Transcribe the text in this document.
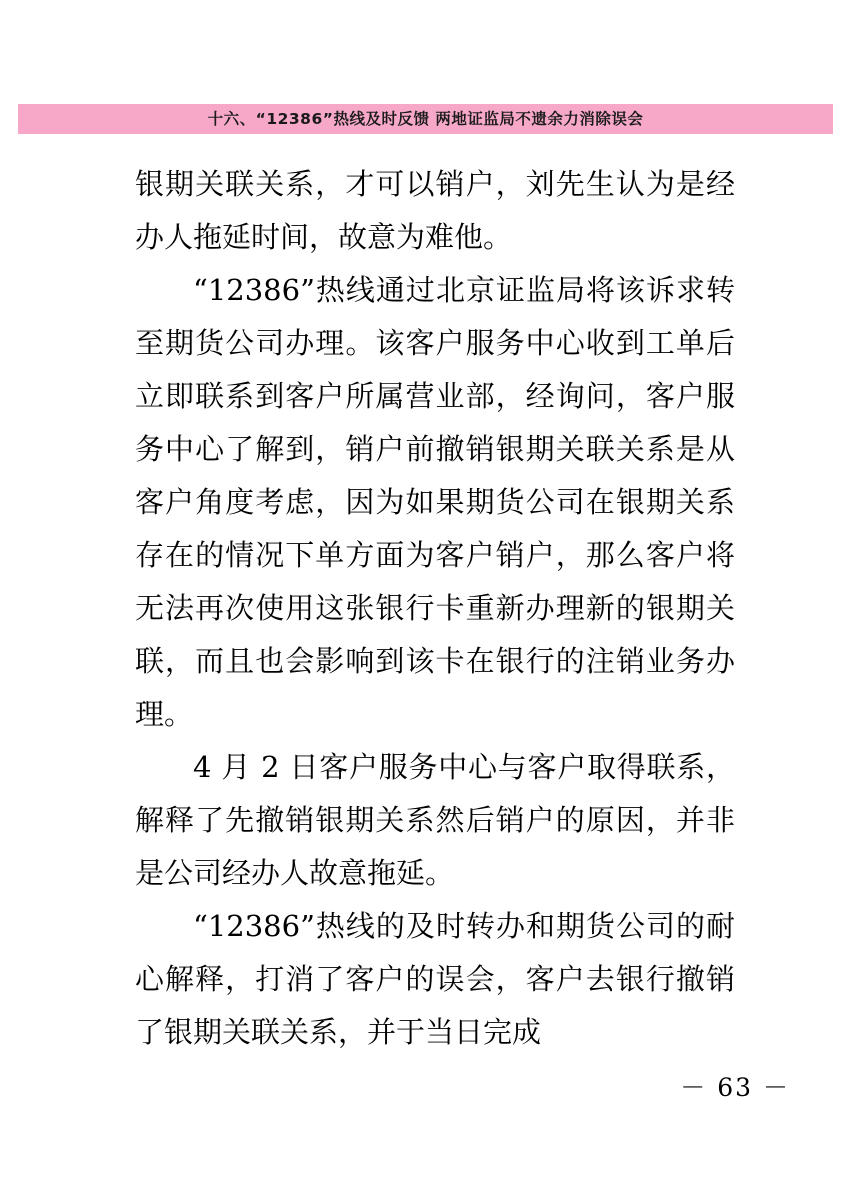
十六、“12386”热线及时反馈 两地证监局不遗余力消除误会

银期关联关系，才可以销户，刘先生认为是经办人拖延时间，故意为难他。

“12386”热线通过北京证监局将该诉求转至期货公司办理。该客户服务中心收到工单后立即联系到客户所属营业部，经询问，客户服务中心了解到，销户前撤销银期关联关系是从客户角度考虑，因为如果期货公司在银期关系存在的情况下单方面为客户销户，那么客户将无法再次使用这张银行卡重新办理新的银期关联，而且也会影响到该卡在银行的注销业务办理。

4 月 2 日客户服务中心与客户取得联系，解释了先撤销银期关系然后销户的原因，并非是公司经办人故意拖延。

“12386”热线的及时转办和期货公司的耐心解释，打消了客户的误会，客户去银行撤销了银期关联关系，并于当日完成

－ 63 －
